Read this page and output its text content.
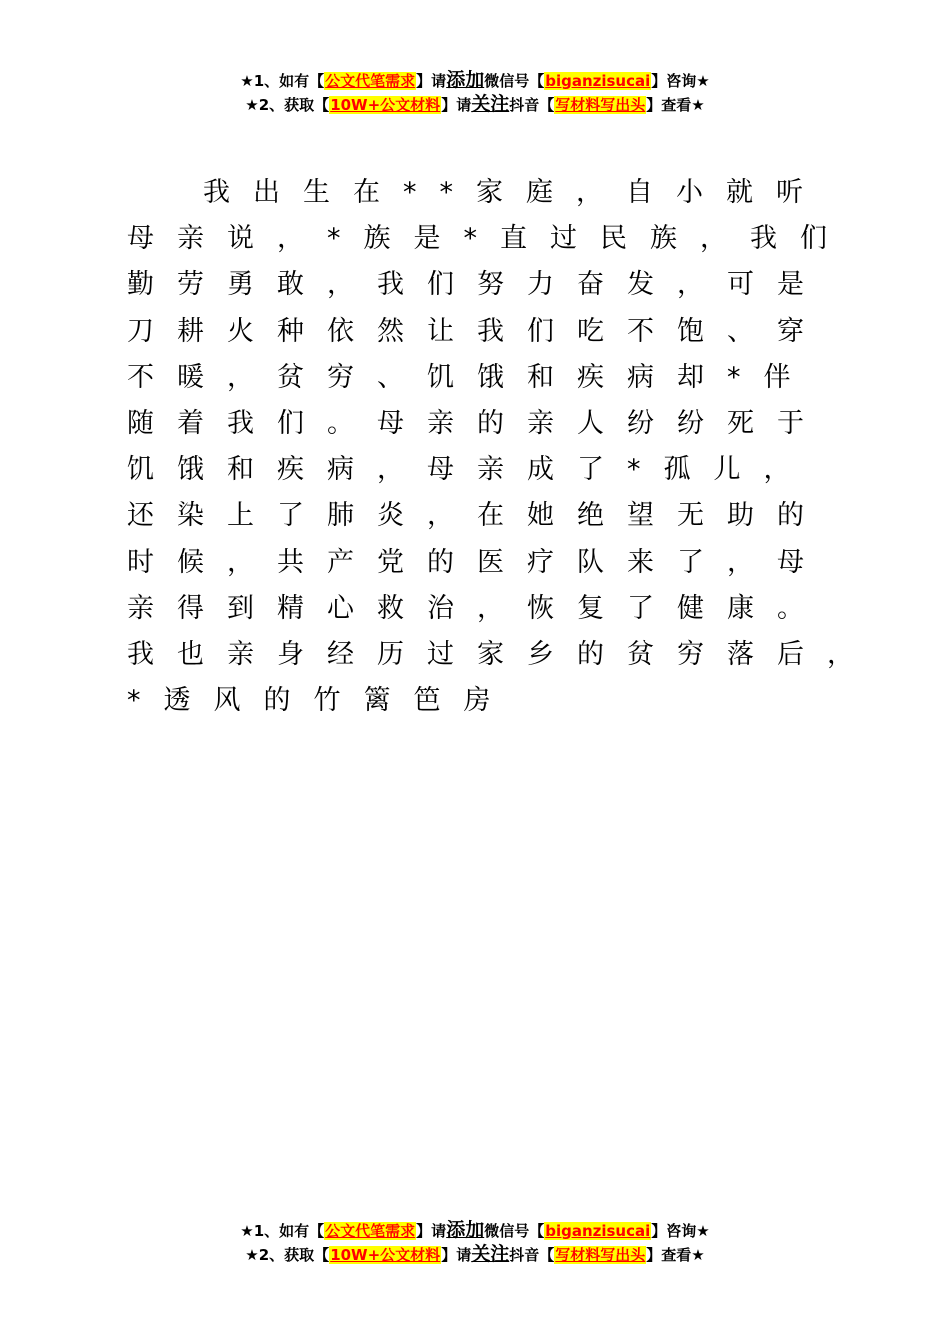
★1、如有【公文代笔需求】请添加微信号【biganzisucai】咨询★
★2、获取【10W+公文材料】请关注抖音【写材料写出头】查看★
我出生在**家庭，自小就听
母亲说，*族是*直过民族，我们
勤劳勇敢，我们努力奋发，可是
刀耕火种依然让我们吃不饱、穿
不暖，贫穷、饥饿和疾病却*伴
随着我们。母亲的亲人纷纷死于
饥饿和疾病，母亲成了*孤儿，
还染上了肺炎，在她绝望无助的
时候，共产党的医疗队来了，母
亲得到精心救治，恢复了健康。
我也亲身经历过家乡的贫穷落后，
*透风的竹篱笆房
★1、如有【公文代笔需求】请添加微信号【biganzisucai】咨询★
★2、获取【10W+公文材料】请关注抖音【写材料写出头】查看★
